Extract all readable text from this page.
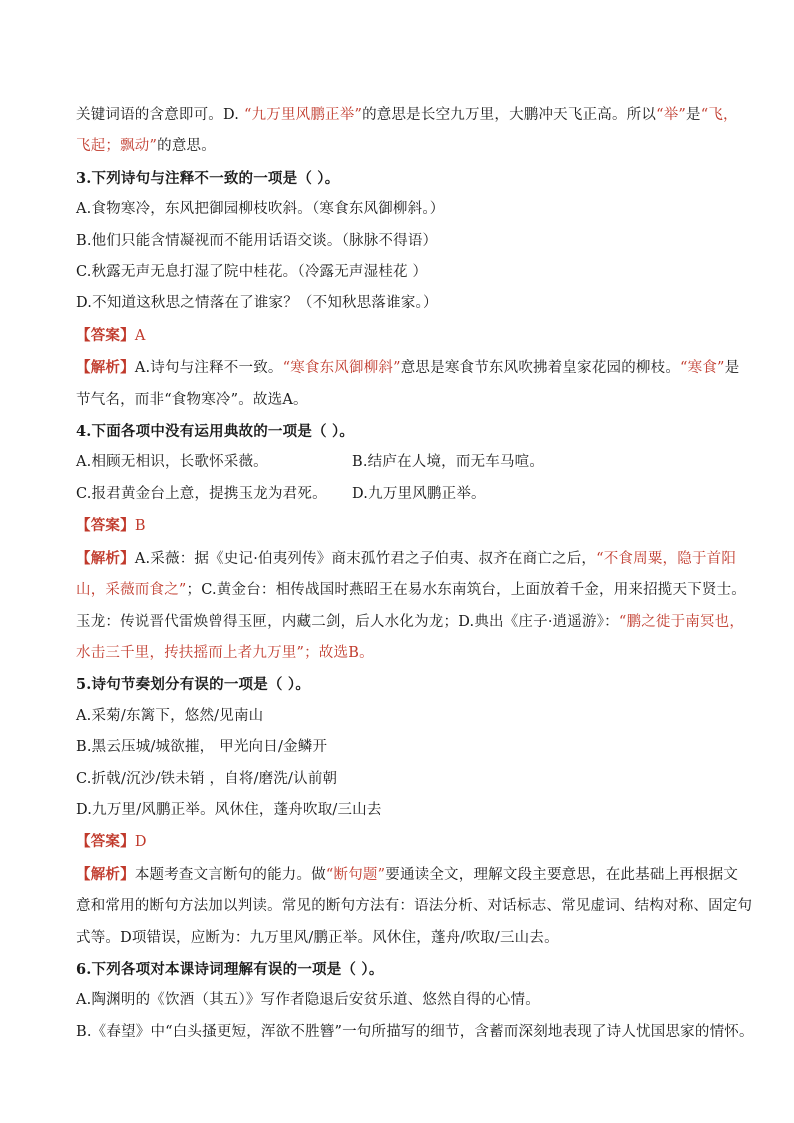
关键词语的含意即可。D. “九万里风鹏正举”的意思是长空九万里，大鹏冲天飞正高。所以“举”是“飞，
飞起；飘动”的意思。
3.下列诗句与注释不一致的一项是（ ）。
A.食物寒冷，东风把御园柳枝吹斜。（寒食东风御柳斜。）
B.他们只能含情凝视而不能用话语交谈。（脉脉不得语）
C.秋露无声无息打湿了院中桂花。（冷露无声湿桂花 ）
D.不知道这秋思之情落在了谁家？（不知秋思落谁家。）
【答案】A
【解析】A.诗句与注释不一致。“寒食东风御柳斜”意思是寒食节东风吹拂着皇家花园的柳枝。“寒食”是
节气名，而非“食物寒冷”。故选A。
4.下面各项中没有运用典故的一项是（ ）。
A.相顾无相识，长歌怀采薇。	B.结庐在人境，而无车马喧。
C.报君黄金台上意，提携玉龙为君死。	D.九万里风鹏正举。
【答案】B
【解析】A.采薇：据《史记·伯夷列传》商末孤竹君之子伯夷、叔齐在商亡之后，“不食周粟，隐于首阳
山，采薇而食之”；C.黄金台：相传战国时燕昭王在易水东南筑台，上面放着千金，用来招揽天下贤士。
玉龙：传说晋代雷焕曾得玉匣，内藏二剑，后人水化为龙；D.典出《庄子·逍遥游》：“鹏之徙于南冥也，
水击三千里，抟扶摇而上者九万里”；故选B。
5.诗句节奏划分有误的一项是（ ）。
A.采菊/东篱下，悠然/见南山
B.黑云压城/城欲摧， 甲光向日/金鳞开
C.折戟/沉沙/铁未销 ，自将/磨洗/认前朝
D.九万里/风鹏正举。风休住，蓬舟吹取/三山去
【答案】D
【解析】本题考查文言断句的能力。做“断句题”要通读全文，理解文段主要意思，在此基础上再根据文
意和常用的断句方法加以判读。常见的断句方法有：语法分析、对话标志、常见虚词、结构对称、固定句
式等。D项错误，应断为：九万里风/鹏正举。风休住，蓬舟/吹取/三山去。
6.下列各项对本课诗词理解有误的一项是（ ）。
A.陶渊明的《饮酒（其五）》写作者隐退后安贫乐道、悠然自得的心情。
B.《春望》中“白头搔更短，浑欲不胜簪”一句所描写的细节，含蓄而深刻地表现了诗人忧国思家的情怀。
